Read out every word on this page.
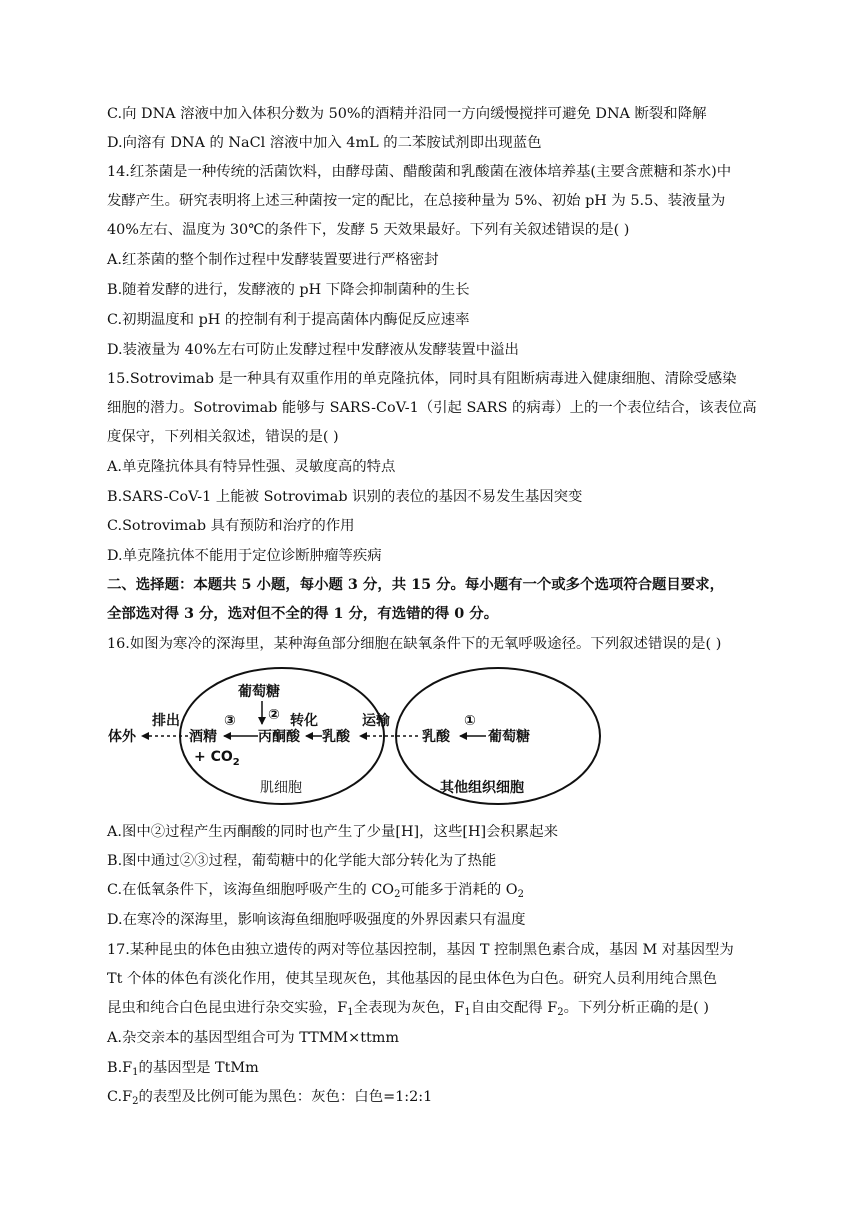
C.向 DNA 溶液中加入体积分数为 50%的酒精并沿同一方向缓慢搅拌可避免 DNA 断裂和降解
D.向溶有 DNA 的 NaCl 溶液中加入 4mL 的二苯胺试剂即出现蓝色
14.红茶菌是一种传统的活菌饮料，由酵母菌、醋酸菌和乳酸菌在液体培养基(主要含蔗糖和茶水)中
发酵产生。研究表明将上述三种菌按一定的配比，在总接种量为 5%、初始 pH 为 5.5、装液量为
40%左右、温度为 30℃的条件下，发酵 5 天效果最好。下列有关叙述错误的是( )
A.红茶菌的整个制作过程中发酵装置要进行严格密封
B.随着发酵的进行，发酵液的 pH 下降会抑制菌种的生长
C.初期温度和 pH 的控制有利于提高菌体内酶促反应速率
D.装液量为 40%左右可防止发酵过程中发酵液从发酵装置中溢出
15.Sotrovimab 是一种具有双重作用的单克隆抗体，同时具有阻断病毒进入健康细胞、清除受感染
细胞的潜力。Sotrovimab 能够与 SARS-CoV-1（引起 SARS 的病毒）上的一个表位结合，该表位高
度保守，下列相关叙述，错误的是( )
A.单克隆抗体具有特异性强、灵敏度高的特点
B.SARS-CoV-1 上能被 Sotrovimab 识别的表位的基因不易发生基因突变
C.Sotrovimab 具有预防和治疗的作用
D.单克隆抗体不能用于定位诊断肿瘤等疾病
二、选择题：本题共 5 小题，每小题 3 分，共 15 分。每小题有一个或多个选项符合题目要求，
全部选对得 3 分，选对但不全的得 1 分，有选错的得 0 分。
16.如图为寒冷的深海里，某种海鱼部分细胞在缺氧条件下的无氧呼吸途径。下列叙述错误的是( )
体外
排出
酒精
+ $CO_2$
③
丙酮酸
葡萄糖
② 转化
乳酸
肌细胞
运输
乳酸
①
葡萄糖
其他组织细胞
A.图中②过程产生丙酮酸的同时也产生了少量[H]，这些[H]会积累起来
B.图中通过②③过程，葡萄糖中的化学能大部分转化为了热能
C.在低氧条件下，该海鱼细胞呼吸产生的 $CO_2$可能多于消耗的 $O_2$
D.在寒冷的深海里，影响该海鱼细胞呼吸强度的外界因素只有温度
17.某种昆虫的体色由独立遗传的两对等位基因控制，基因 T 控制黑色素合成，基因 M 对基因型为
Tt 个体的体色有淡化作用，使其呈现灰色，其他基因的昆虫体色为白色。研究人员利用纯合黑色
昆虫和纯合白色昆虫进行杂交实验，$F_1$全表现为灰色，$F_1$自由交配得 $F_2$。下列分析正确的是( )
A.杂交亲本的基因型组合可为 TTMM×ttmm
$B.F_1$的基因型是 TtMm
$C.F_2$的表型及比例可能为黑色：灰色：白色=1:2:1
